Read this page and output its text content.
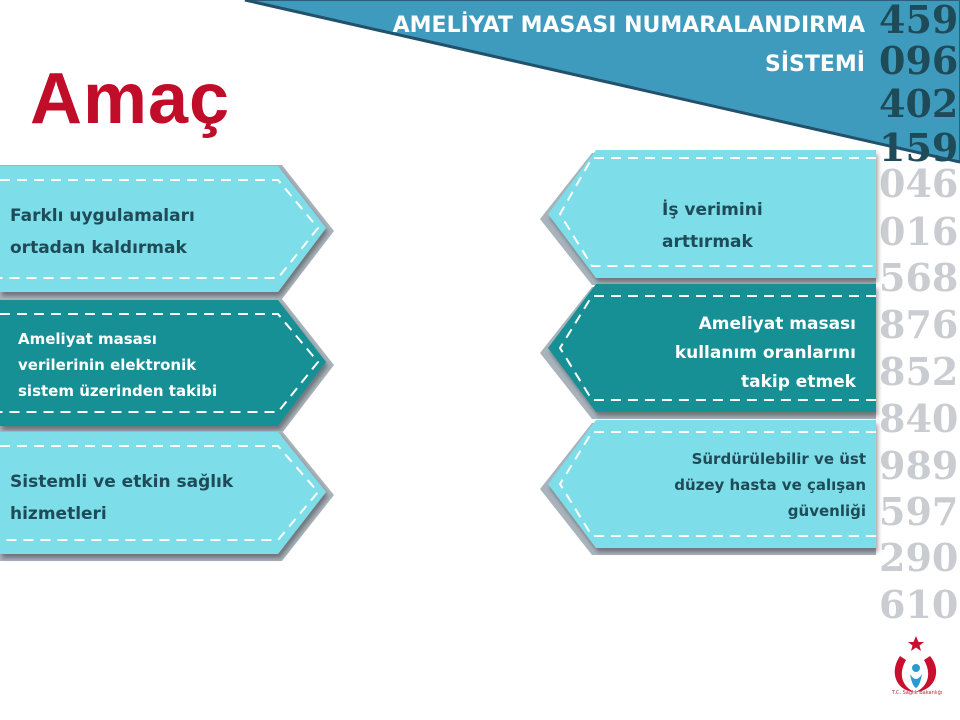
AMELİYAT MASASI NUMARALANDIRMA
SİSTEMİ
Amaç
459
096
402
159
046
016
568
876
852
840
989
597
290
610
Farklı uygulamaları
ortadan kaldırmak
Ameliyat masası
verilerinin elektronik
sistem üzerinden takibi
Sistemli ve etkin sağlık
hizmetleri
İş verimini
arttırmak
Ameliyat masası
kullanım oranlarını
takip etmek
Sürdürülebilir ve üst
düzey hasta ve çalışan
güvenliği
T.C. Sağlık Bakanlığı
